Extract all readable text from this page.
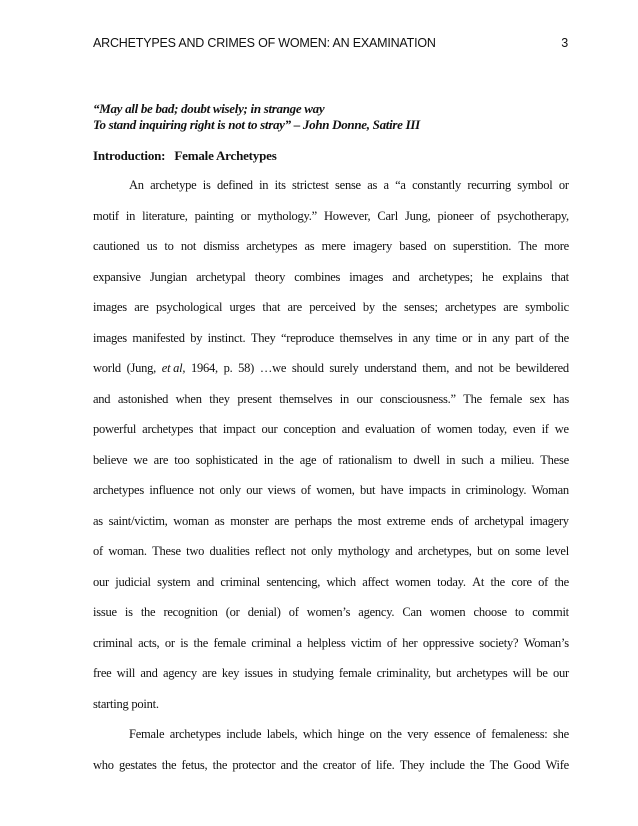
ARCHETYPES AND CRIMES OF WOMEN: AN EXAMINATION	3
“May all be bad; doubt wisely; in strange way
To stand inquiring right is not to stray” – John Donne, Satire III
Introduction:   Female Archetypes
An archetype is defined in its strictest sense as a “a constantly recurring symbol or
motif in literature, painting or mythology.” However, Carl Jung, pioneer of psychotherapy,
cautioned us to not dismiss archetypes as mere imagery based on superstition. The more
expansive Jungian archetypal theory combines images and archetypes; he explains that
images are psychological urges that are perceived by the senses; archetypes are symbolic
images manifested by instinct. They “reproduce themselves in any time or in any part of the
world (Jung, et al, 1964, p. 58) …we should surely understand them, and not be bewildered
and astonished when they present themselves in our consciousness.” The female sex has
powerful archetypes that impact our conception and evaluation of women today, even if we
believe we are too sophisticated in the age of rationalism to dwell in such a milieu. These
archetypes influence not only our views of women, but have impacts in criminology. Woman
as saint/victim, woman as monster are perhaps the most extreme ends of archetypal imagery
of woman. These two dualities reflect not only mythology and archetypes, but on some level
our judicial system and criminal sentencing, which affect women today. At the core of the
issue is the recognition (or denial) of women’s agency. Can women choose to commit
criminal acts, or is the female criminal a helpless victim of her oppressive society? Woman’s
free will and agency are key issues in studying female criminality, but archetypes will be our
starting point.
Female archetypes include labels, which hinge on the very essence of femaleness: she
who gestates the fetus, the protector and the creator of life. They include the The Good Wife
